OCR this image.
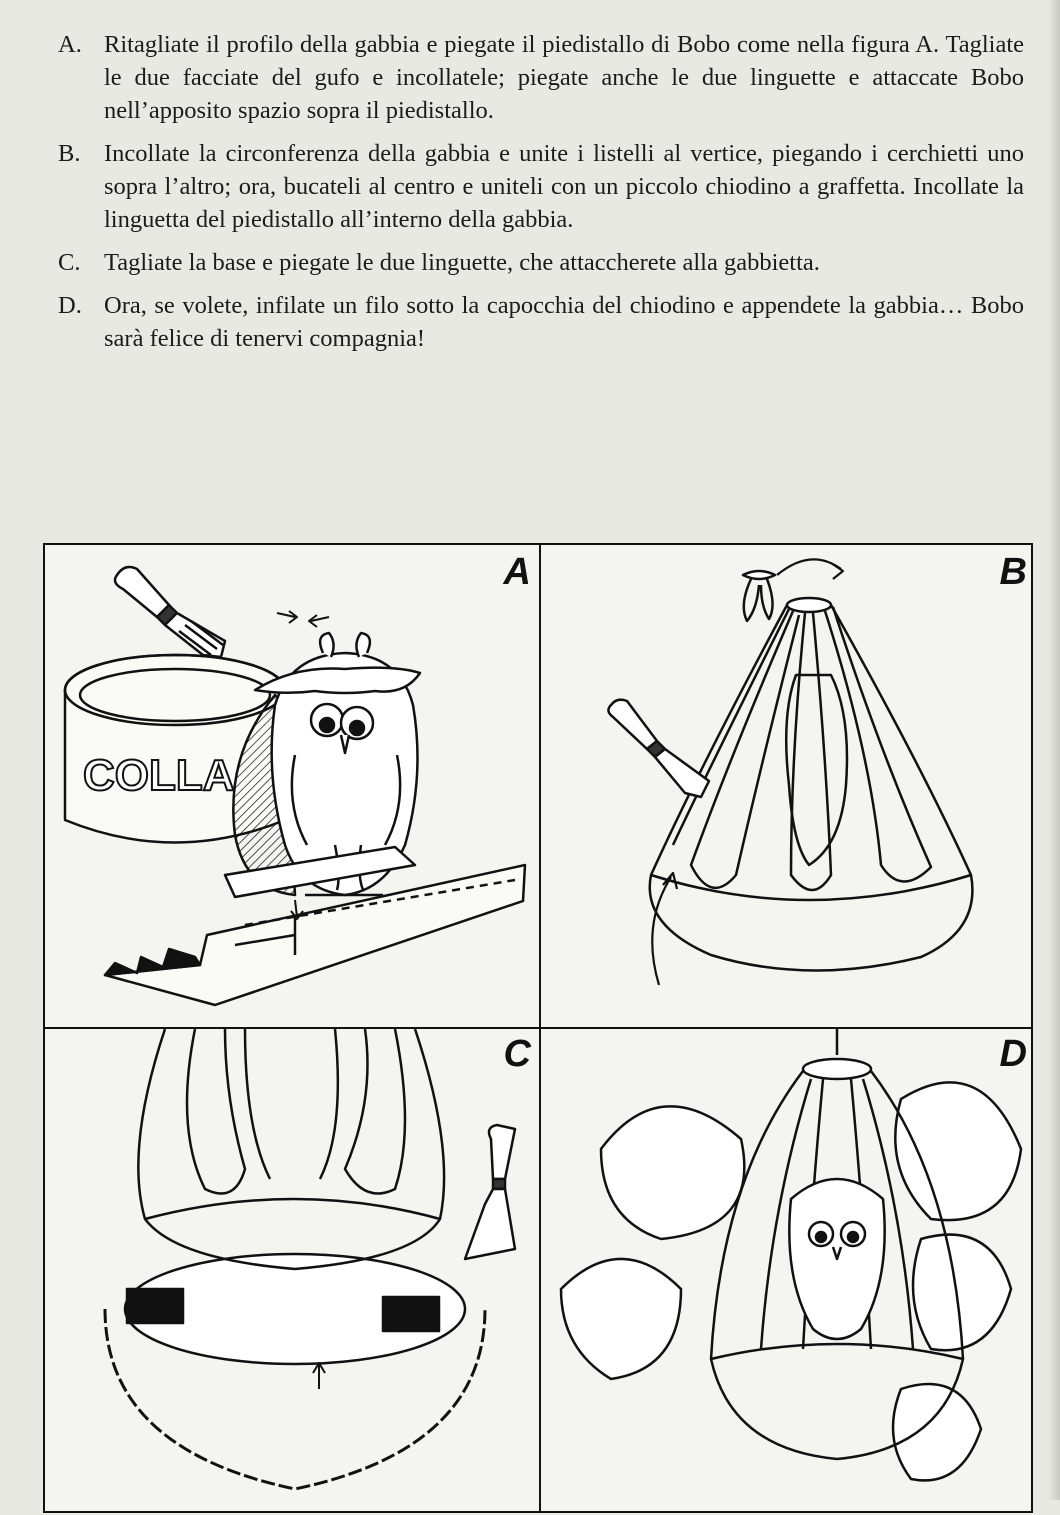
A. Ritagliate il profilo della gabbia e piegate il piedistallo di Bobo come nella figura A. Tagliate le due facciate del gufo e incollatele; piegate anche le due linguette e attaccate Bobo nell’apposito spazio sopra il piedistallo.
B. Incollate la circonferenza della gabbia e unite i listelli al vertice, piegando i cerchietti uno sopra l’altro; ora, bucateli al centro e uniteli con un piccolo chiodino a graffetta. Incollate la linguetta del piedistallo all’interno della gabbia.
C. Tagliate la base e piegate le due linguette, che attaccherete alla gabbietta.
D. Ora, se volete, infilate un filo sotto la capocchia del chiodino e appendete la gabbia… Bobo sarà felice di tenervi compagnia!
A
COLLA
B
C	D
